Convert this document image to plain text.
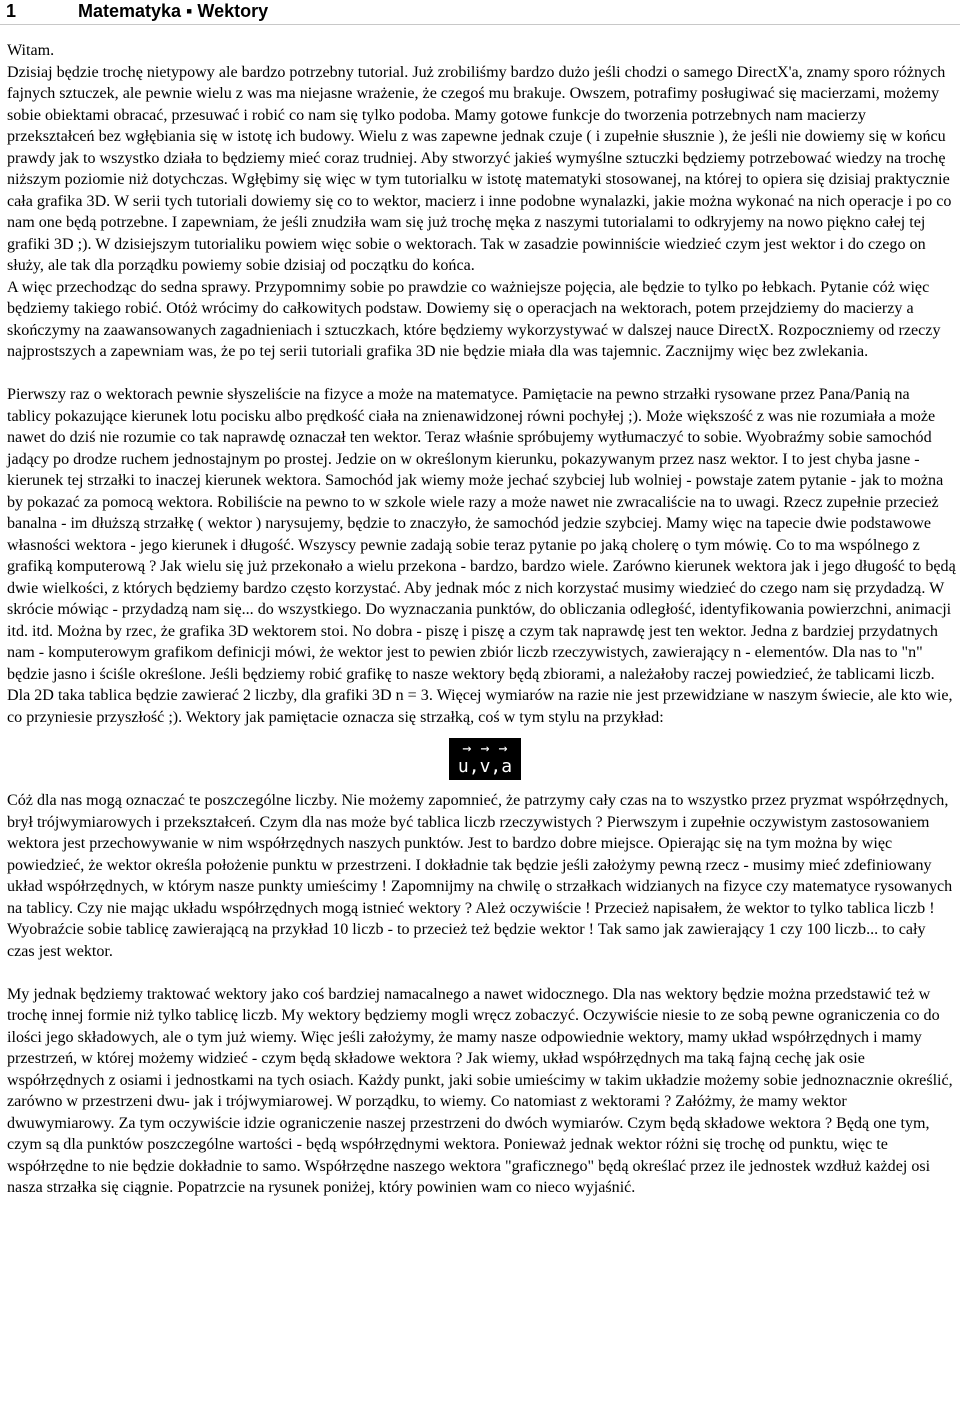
1	Matematyka ▪ Wektory

Witam.

Dzisiaj będzie trochę nietypowy ale bardzo potrzebny tutorial. Już zrobiliśmy bardzo dużo jeśli chodzi o samego DirectX'a, znamy sporo różnych fajnych sztuczek, ale pewnie wielu z was ma niejasne wrażenie, że czegoś mu brakuje. Owszem, potrafimy posługiwać się macierzami, możemy sobie obiektami obracać, przesuwać i robić co nam się tylko podoba. Mamy gotowe funkcje do tworzenia potrzebnych nam macierzy przekształceń bez wgłębiania się w istotę ich budowy. Wielu z was zapewne jednak czuje ( i zupełnie słusznie ), że jeśli nie dowiemy się w końcu prawdy jak to wszystko działa to będziemy mieć coraz trudniej. Aby stworzyć jakieś wymyślne sztuczki będziemy potrzebować wiedzy na trochę niższym poziomie niż dotychczas. Wgłębimy się więc w tym tutorialku w istotę matematyki stosowanej, na której to opiera się dzisiaj praktycznie cała grafika 3D. W serii tych tutoriali dowiemy się co to wektor, macierz i inne podobne wynalazki, jakie można wykonać na nich operacje i po co nam one będą potrzebne. I zapewniam, że jeśli znudziła wam się już trochę męka z naszymi tutorialami to odkryjemy na nowo piękno całej tej grafiki 3D ;). W dzisiejszym tutorialiku powiem więc sobie o wektorach. Tak w zasadzie powinniście wiedzieć czym jest wektor i do czego on służy, ale tak dla porządku powiemy sobie dzisiaj od początku do końca.

A więc przechodząc do sedna sprawy. Przypomnimy sobie po prawdzie co ważniejsze pojęcia, ale będzie to tylko po łebkach. Pytanie cóż więc będziemy takiego robić. Otóż wrócimy do całkowitych podstaw. Dowiemy się o operacjach na wektorach, potem przejdziemy do macierzy a skończymy na zaawansowanych zagadnieniach i sztuczkach, które będziemy wykorzystywać w dalszej nauce DirectX. Rozpoczniemy od rzeczy najprostszych a zapewniam was, że po tej serii tutoriali grafika 3D nie będzie miała dla was tajemnic. Zacznijmy więc bez zwlekania.

Pierwszy raz o wektorach pewnie słyszeliście na fizyce a może na matematyce. Pamiętacie na pewno strzałki rysowane przez Pana/Panią na tablicy pokazujące kierunek lotu pocisku albo prędkość ciała na znienawidzonej równi pochyłej ;). Może większość z was nie rozumiała a może nawet do dziś nie rozumie co tak naprawdę oznaczał ten wektor. Teraz właśnie spróbujemy wytłumaczyć to sobie. Wyobraźmy sobie samochód jadący po drodze ruchem jednostajnym po prostej. Jedzie on w określonym kierunku, pokazywanym przez nasz wektor. I to jest chyba jasne - kierunek tej strzałki to inaczej kierunek wektora. Samochód jak wiemy może jechać szybciej lub wolniej - powstaje zatem pytanie - jak to można by pokazać za pomocą wektora. Robiliście na pewno to w szkole wiele razy a może nawet nie zwracaliście na to uwagi. Rzecz zupełnie przecież banalna - im dłuższą strzałkę ( wektor ) narysujemy, będzie to znaczyło, że samochód jedzie szybciej. Mamy więc na tapecie dwie podstawowe własności wektora - jego kierunek i długość. Wszyscy pewnie zadają sobie teraz pytanie po jaką cholerę o tym mówię. Co to ma wspólnego z grafiką komputerową ? Jak wielu się już przekonało a wielu przekona - bardzo, bardzo wiele. Zarówno kierunek wektora jak i jego długość to będą dwie wielkości, z których będziemy bardzo często korzystać. Aby jednak móc z nich korzystać musimy wiedzieć do czego nam się przydadzą. W skrócie mówiąc - przydadzą nam się... do wszystkiego. Do wyznaczania punktów, do obliczania odległość, identyfikowania powierzchni, animacji itd. itd. Można by rzec, że grafika 3D wektorem stoi. No dobra - piszę i piszę a czym tak naprawdę jest ten wektor. Jedna z bardziej przydatnych nam - komputerowym grafikom definicji mówi, że wektor jest to pewien zbiór liczb rzeczywistych, zawierający n - elementów. Dla nas to "n" będzie jasno i ściśle określone. Jeśli będziemy robić grafikę to nasze wektory będą zbiorami, a należałoby raczej powiedzieć, że tablicami liczb. Dla 2D taka tablica będzie zawierać 2 liczby, dla grafiki 3D n = 3. Więcej wymiarów na razie nie jest przewidziane w naszym świecie, ale kto wie, co przyniesie przyszłość ;). Wektory jak pamiętacie oznacza się strzałką, coś w tym stylu na przykład:

→ → →
u,v,a

Cóż dla nas mogą oznaczać te poszczególne liczby. Nie możemy zapomnieć, że patrzymy cały czas na to wszystko przez pryzmat współrzędnych, brył trójwymiarowych i przekształceń. Czym dla nas może być tablica liczb rzeczywistych ? Pierwszym i zupełnie oczywistym zastosowaniem wektora jest przechowywanie w nim współrzędnych naszych punktów. Jest to bardzo dobre miejsce. Opierając się na tym można by więc powiedzieć, że wektor określa położenie punktu w przestrzeni. I dokładnie tak będzie jeśli założymy pewną rzecz - musimy mieć zdefiniowany układ współrzędnych, w którym nasze punkty umieścimy ! Zapomnijmy na chwilę o strzałkach widzianych na fizyce czy matematyce rysowanych na tablicy. Czy nie mając układu współrzędnych mogą istnieć wektory ? Ależ oczywiście ! Przecież napisałem, że wektor to tylko tablica liczb ! Wyobraźcie sobie tablicę zawierającą na przykład 10 liczb - to przecież też będzie wektor ! Tak samo jak zawierający 1 czy 100 liczb... to cały czas jest wektor.

My jednak będziemy traktować wektory jako coś bardziej namacalnego a nawet widocznego. Dla nas wektory będzie można przedstawić też w trochę innej formie niż tylko tablicę liczb. My wektory będziemy mogli wręcz zobaczyć. Oczywiście niesie to ze sobą pewne ograniczenia co do ilości jego składowych, ale o tym już wiemy. Więc jeśli założymy, że mamy nasze odpowiednie wektory, mamy układ współrzędnych i mamy przestrzeń, w której możemy widzieć - czym będą składowe wektora ? Jak wiemy, układ współrzędnych ma taką fajną cechę jak osie współrzędnych z osiami i jednostkami na tych osiach. Każdy punkt, jaki sobie umieścimy w takim układzie możemy sobie jednoznacznie określić, zarówno w przestrzeni dwu- jak i trójwymiarowej. W porządku, to wiemy. Co natomiast z wektorami ? Załóżmy, że mamy wektor dwuwymiarowy. Za tym oczywiście idzie ograniczenie naszej przestrzeni do dwóch wymiarów. Czym będą składowe wektora ? Będą one tym, czym są dla punktów poszczególne wartości - będą współrzędnymi wektora. Ponieważ jednak wektor różni się trochę od punktu, więc te współrzędne to nie będzie dokładnie to samo. Współrzędne naszego wektora "graficznego" będą określać przez ile jednostek wzdłuż każdej osi nasza strzałka się ciągnie. Popatrzcie na rysunek poniżej, który powinien wam co nieco wyjaśnić.
